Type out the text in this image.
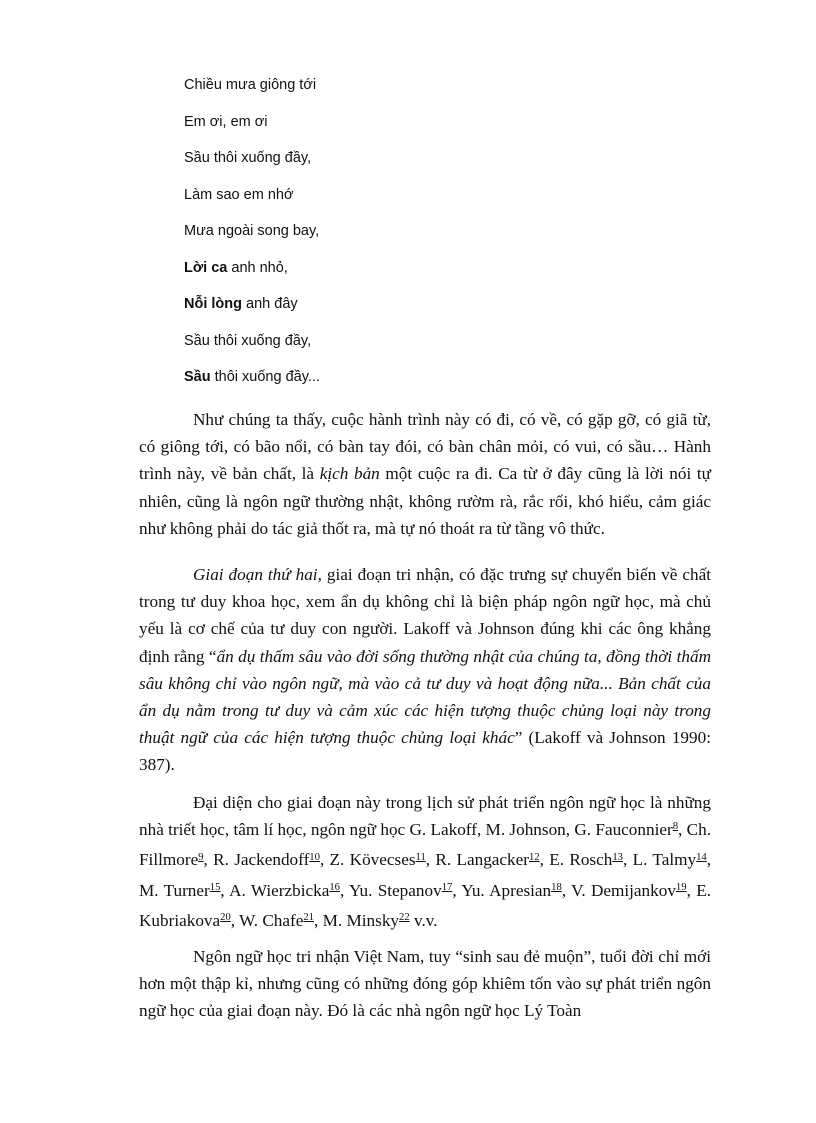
Chiều mưa giông tới
Em ơi, em ơi
Sầu thôi xuống đầy,
Làm sao em nhớ
Mưa ngoài song bay,
Lời ca anh nhỏ,
Nỗi lòng anh đây
Sầu thôi xuống đầy,
Sầu thôi xuống đầy...

Như chúng ta thấy, cuộc hành trình này có đi, có về, có gặp gỡ, có giã từ, có giông tới, có bão nổi, có bàn tay đói, có bàn chân mỏi, có vui, có sầu… Hành trình này, về bản chất, là kịch bản một cuộc ra đi. Ca từ ở đây cũng là lời nói tự nhiên, cũng là ngôn ngữ thường nhật, không rườm rà, rắc rối, khó hiểu, cảm giác như không phải do tác giả thốt ra, mà tự nó thoát ra từ tầng vô thức.

Giai đoạn thứ hai, giai đoạn tri nhận, có đặc trưng sự chuyển biến về chất trong tư duy khoa học, xem ẩn dụ không chỉ là biện pháp ngôn ngữ học, mà chủ yếu là cơ chế của tư duy con người. Lakoff và Johnson đúng khi các ông khẳng định rằng “ẩn dụ thấm sâu vào đời sống thường nhật của chúng ta, đồng thời thấm sâu không chỉ vào ngôn ngữ, mà vào cả tư duy và hoạt động nữa... Bản chất của ẩn dụ nằm trong tư duy và cảm xúc các hiện tượng thuộc chủng loại này trong thuật ngữ của các hiện tượng thuộc chủng loại khác” (Lakoff và Johnson 1990: 387).

Đại diện cho giai đoạn này trong lịch sử phát triển ngôn ngữ học là những nhà triết học, tâm lí học, ngôn ngữ học G. Lakoff, M. Johnson, G. Fauconnier$^8$, Ch. Fillmore$^9$, R. Jackendoff$^{10}$, Z. Kövecses$^{11}$, R. Langacker$^{12}$, E. Rosch$^{13}$, L. Talmy$^{14}$, M. Turner$^{15}$, A. Wierzbicka$^{16}$, Yu. Stepanov$^{17}$, Yu. Apresian$^{18}$, V. Demijankov$^{19}$, E. Kubriakova$^{20}$, W. Chafe$^{21}$, M. Minsky$^{22}$ v.v.

Ngôn ngữ học tri nhận Việt Nam, tuy “sinh sau đẻ muộn”, tuổi đời chỉ mới hơn một thập kỉ, nhưng cũng có những đóng góp khiêm tốn vào sự phát triển ngôn ngữ học của giai đoạn này. Đó là các nhà ngôn ngữ học Lý Toàn
